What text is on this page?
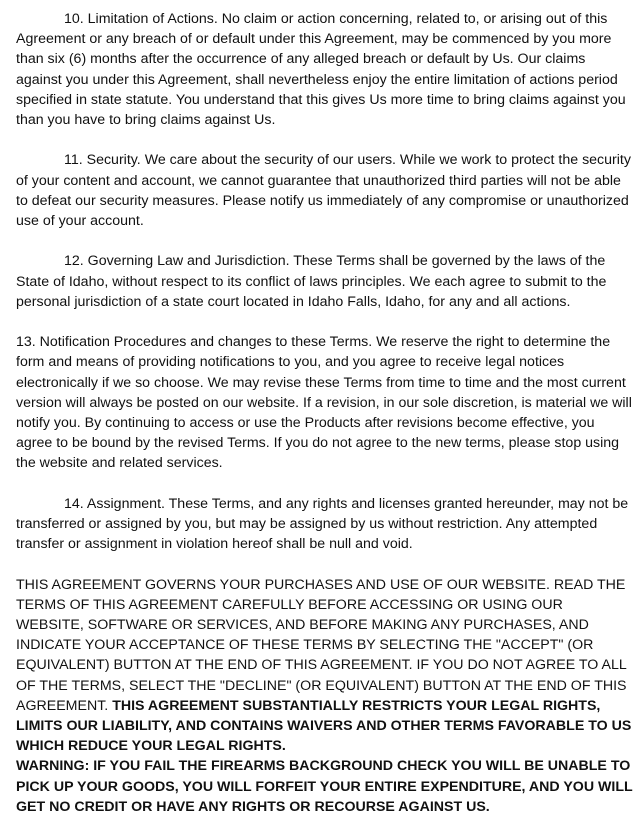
10. Limitation of Actions. No claim or action concerning, related to, or arising out of this Agreement or any breach of or default under this Agreement, may be commenced by you more than six (6) months after the occurrence of any alleged breach or default by Us. Our claims against you under this Agreement, shall nevertheless enjoy the entire limitation of actions period specified in state statute. You understand that this gives Us more time to bring claims against you than you have to bring claims against Us.

11. Security. We care about the security of our users. While we work to protect the security of your content and account, we cannot guarantee that unauthorized third parties will not be able to defeat our security measures. Please notify us immediately of any compromise or unauthorized use of your account.

12. Governing Law and Jurisdiction. These Terms shall be governed by the laws of the State of Idaho, without respect to its conflict of laws principles. We each agree to submit to the personal jurisdiction of a state court located in Idaho Falls, Idaho, for any and all actions.

13. Notification Procedures and changes to these Terms. We reserve the right to determine the form and means of providing notifications to you, and you agree to receive legal notices electronically if we so choose. We may revise these Terms from time to time and the most current version will always be posted on our website. If a revision, in our sole discretion, is material we will notify you. By continuing to access or use the Products after revisions become effective, you agree to be bound by the revised Terms. If you do not agree to the new terms, please stop using the website and related services.

14. Assignment. These Terms, and any rights and licenses granted hereunder, may not be transferred or assigned by you, but may be assigned by us without restriction. Any attempted transfer or assignment in violation hereof shall be null and void.

THIS AGREEMENT GOVERNS YOUR PURCHASES AND USE OF OUR WEBSITE. READ THE TERMS OF THIS AGREEMENT CAREFULLY BEFORE ACCESSING OR USING OUR WEBSITE, SOFTWARE OR SERVICES, AND BEFORE MAKING ANY PURCHASES, AND INDICATE YOUR ACCEPTANCE OF THESE TERMS BY SELECTING THE "ACCEPT" (OR EQUIVALENT) BUTTON AT THE END OF THIS AGREEMENT. IF YOU DO NOT AGREE TO ALL OF THE TERMS, SELECT THE "DECLINE" (OR EQUIVALENT) BUTTON AT THE END OF THIS AGREEMENT. THIS AGREEMENT SUBSTANTIALLY RESTRICTS YOUR LEGAL RIGHTS, LIMITS OUR LIABILITY, AND CONTAINS WAIVERS AND OTHER TERMS FAVORABLE TO US WHICH REDUCE YOUR LEGAL RIGHTS.

WARNING: IF YOU FAIL THE FIREARMS BACKGROUND CHECK YOU WILL BE UNABLE TO PICK UP YOUR GOODS, YOU WILL FORFEIT YOUR ENTIRE EXPENDITURE, AND YOU WILL GET NO CREDIT OR HAVE ANY RIGHTS OR RECOURSE AGAINST US.
